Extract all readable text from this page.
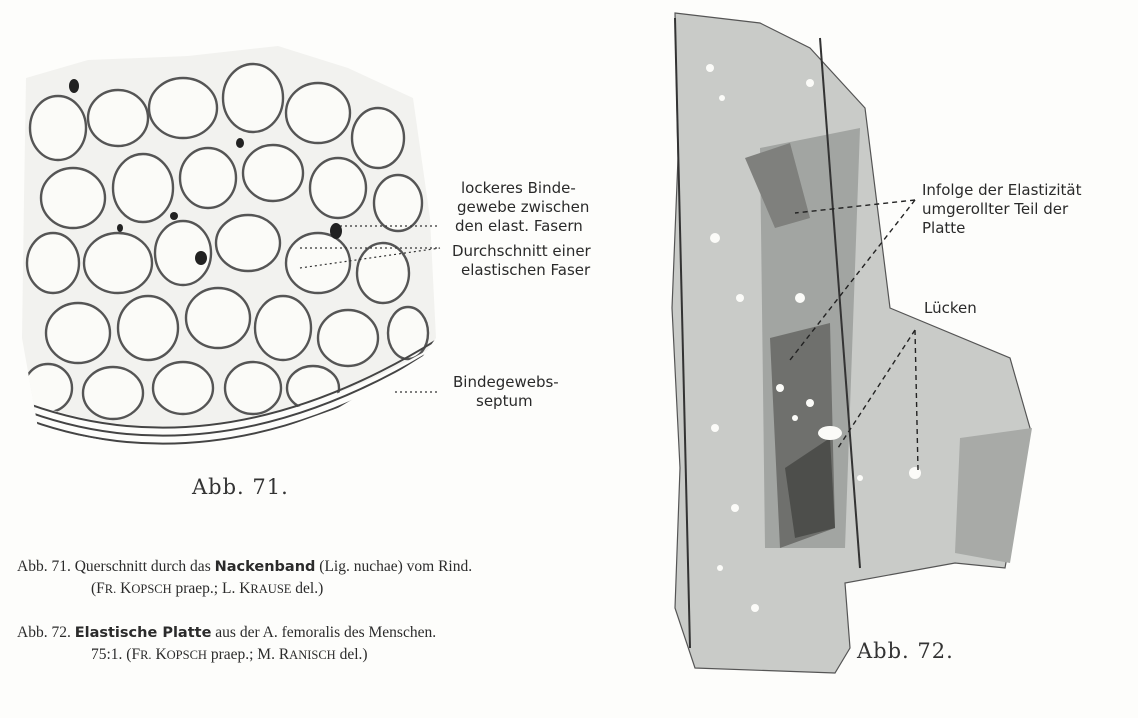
lockeres Binde-
gewebe zwischen
den elast. Fasern
Durchschnitt einer
elastischen Faser
Bindegewebs-
septum
Abb. 71.
Infolge der Elastizität
umgerollter Teil der
Platte
Lücken
Abb. 72.
Abb. 71. Querschnitt durch das Nackenband (Lig. nuchae) vom Rind.
(FR. KOPSCH praep.; L. KRAUSE del.)
Abb. 72. Elastische Platte aus der A. femoralis des Menschen.
75:1. (FR. KOPSCH praep.; M. RANISCH del.)
